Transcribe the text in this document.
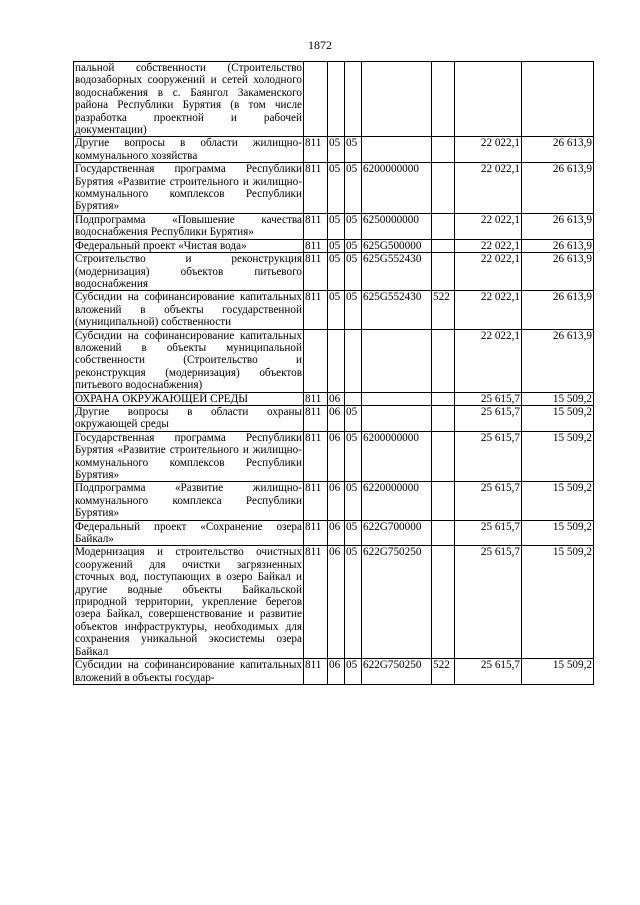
1872
пальной собственности (Строительство водозаборных сооружений и сетей холодного водоснабжения в с. Баянгол Закаменского района Республики Бурятия (в том числе разработка проектной и рабочей документации)							
Другие вопросы в области жилищно-коммунального хозяйства	811	05	05			22 022,1	26 613,9
Государственная программа Республики Бурятия «Развитие строительного и жилищно-коммунального комплексов Республики Бурятия»	811	05	05	6200000000		22 022,1	26 613,9
Подпрограмма «Повышение качества водоснабжения Республики Бурятия»	811	05	05	6250000000		22 022,1	26 613,9
Федеральный проект «Чистая вода»	811	05	05	625G500000		22 022,1	26 613,9
Строительство и реконструкция (модернизация) объектов питьевого водоснабжения	811	05	05	625G552430		22 022,1	26 613,9
Субсидии на софинансирование капитальных вложений в объекты государственной (муниципальной) собственности	811	05	05	625G552430	522	22 022,1	26 613,9
Субсидии на софинансирование капитальных вложений в объекты муниципальной собственности (Строительство и реконструкция (модернизация) объектов питьевого водоснабжения)						22 022,1	26 613,9
ОХРАНА ОКРУЖАЮЩЕЙ СРЕДЫ	811	06				25 615,7	15 509,2
Другие вопросы в области охраны окружающей среды	811	06	05			25 615,7	15 509,2
Государственная программа Республики Бурятия «Развитие строительного и жилищно-коммунального комплексов Республики Бурятия»	811	06	05	6200000000		25 615,7	15 509,2
Подпрограмма «Развитие жилищно-коммунального комплекса Республики Бурятия»	811	06	05	6220000000		25 615,7	15 509,2
Федеральный проект «Сохранение озера Байкал»	811	06	05	622G700000		25 615,7	15 509,2
Модернизация и строительство очистных сооружений для очистки загрязненных сточных вод, поступающих в озеро Байкал и другие водные объекты Байкальской природной территории, укрепление берегов озера Байкал, совершенствование и развитие объектов инфраструктуры, необходимых для сохранения уникальной экосистемы озера Байкал	811	06	05	622G750250		25 615,7	15 509,2
Субсидии на софинансирование капитальных вложений в объекты государ-	811	06	05	622G750250	522	25 615,7	15 509,2
